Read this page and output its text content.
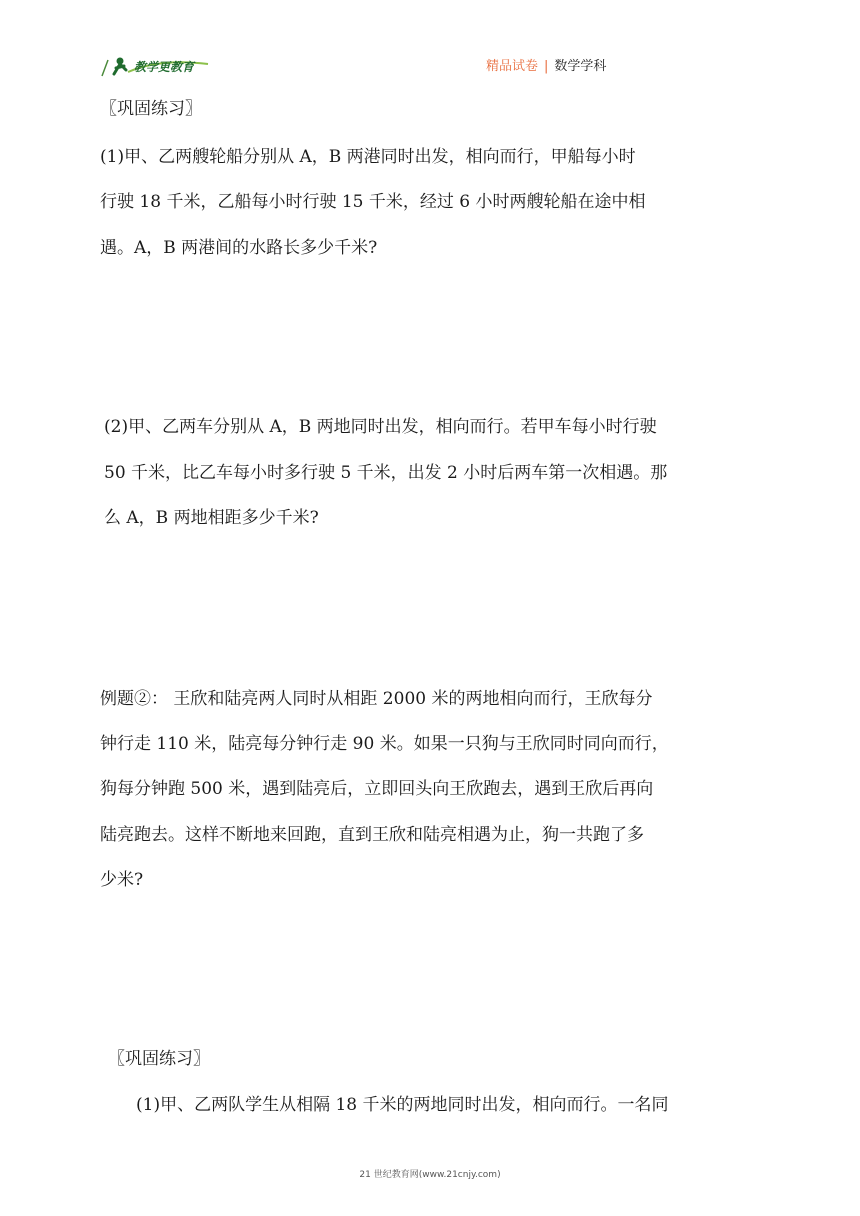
教学更教育	精品试卷 | 数学学科
〖巩固练习〗
(1)甲、乙两艘轮船分别从 A，B 两港同时出发，相向而行，甲船每小时
行驶 18 千米，乙船每小时行驶 15 千米，经过 6 小时两艘轮船在途中相
遇。A，B 两港间的水路长多少千米?
(2)甲、乙两车分别从 A，B 两地同时出发，相向而行。若甲车每小时行驶
50 千米，比乙车每小时多行驶 5 千米，出发 2 小时后两车第一次相遇。那
么 A，B 两地相距多少千米?
例题②： 王欣和陆亮两人同时从相距 2000 米的两地相向而行，王欣每分
钟行走 110 米，陆亮每分钟行走 90 米。如果一只狗与王欣同时同向而行，
狗每分钟跑 500 米，遇到陆亮后，立即回头向王欣跑去，遇到王欣后再向
陆亮跑去。这样不断地来回跑，直到王欣和陆亮相遇为止，狗一共跑了多
少米?
〖巩固练习〗
(1)甲、乙两队学生从相隔 18 千米的两地同时出发，相向而行。一名同
21 世纪教育网(www.21cnjy.com)
